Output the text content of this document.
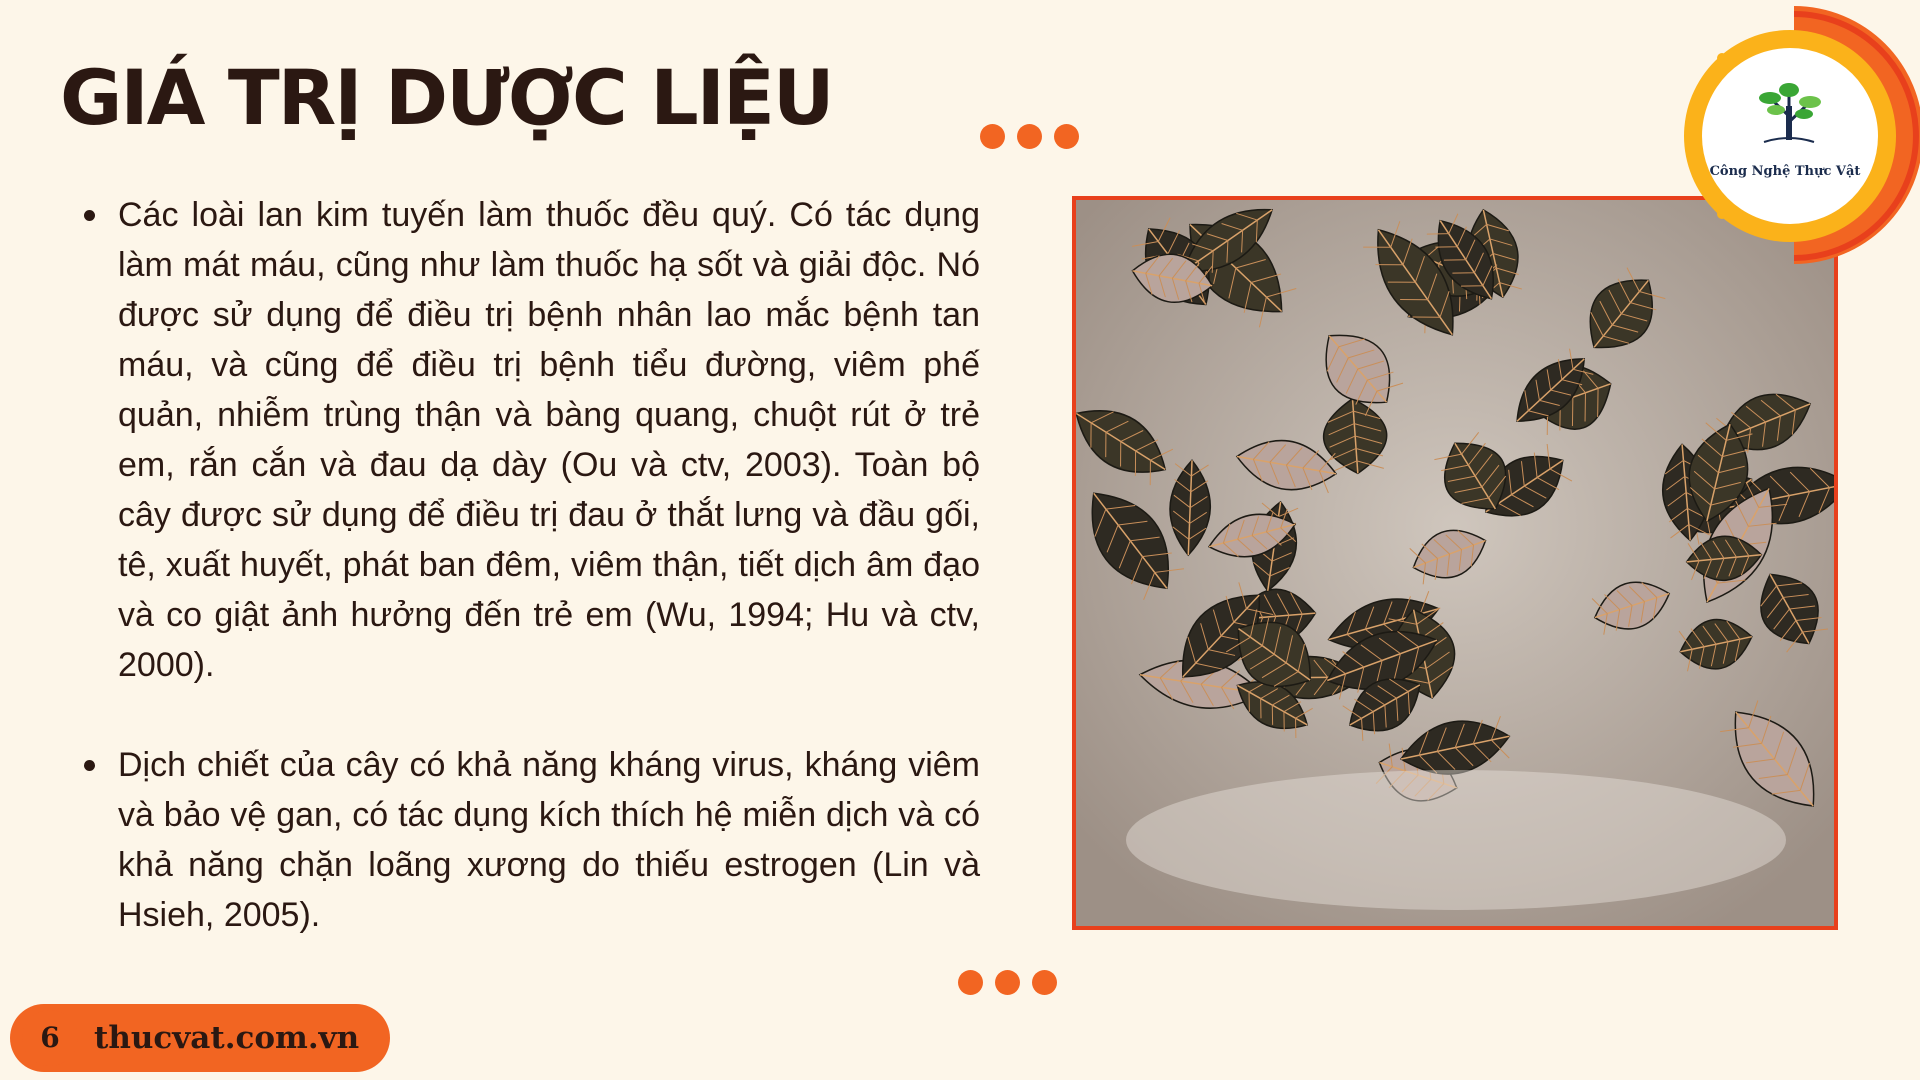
GIÁ TRỊ DƯỢC LIỆU
Các loài lan kim tuyến làm thuốc đều quý. Có tác dụng làm mát máu, cũng như làm thuốc hạ sốt và giải độc. Nó được sử dụng để điều trị bệnh nhân lao mắc bệnh tan máu, và cũng để điều trị bệnh tiểu đường, viêm phế quản, nhiễm trùng thận và bàng quang, chuột rút ở trẻ em, rắn cắn và đau dạ dày (Ou và ctv, 2003). Toàn bộ cây được sử dụng để điều trị đau ở thắt lưng và đầu gối, tê, xuất huyết, phát ban đêm, viêm thận, tiết dịch âm đạo và co giật ảnh hưởng đến trẻ em (Wu, 1994; Hu và ctv, 2000).
Dịch chiết của cây có khả năng kháng virus, kháng viêm và bảo vệ gan, có tác dụng kích thích hệ miễn dịch và có khả năng chặn loãng xương do thiếu estrogen (Lin và Hsieh, 2005).
Công Nghệ Thực Vật
6	thucvat.com.vn
